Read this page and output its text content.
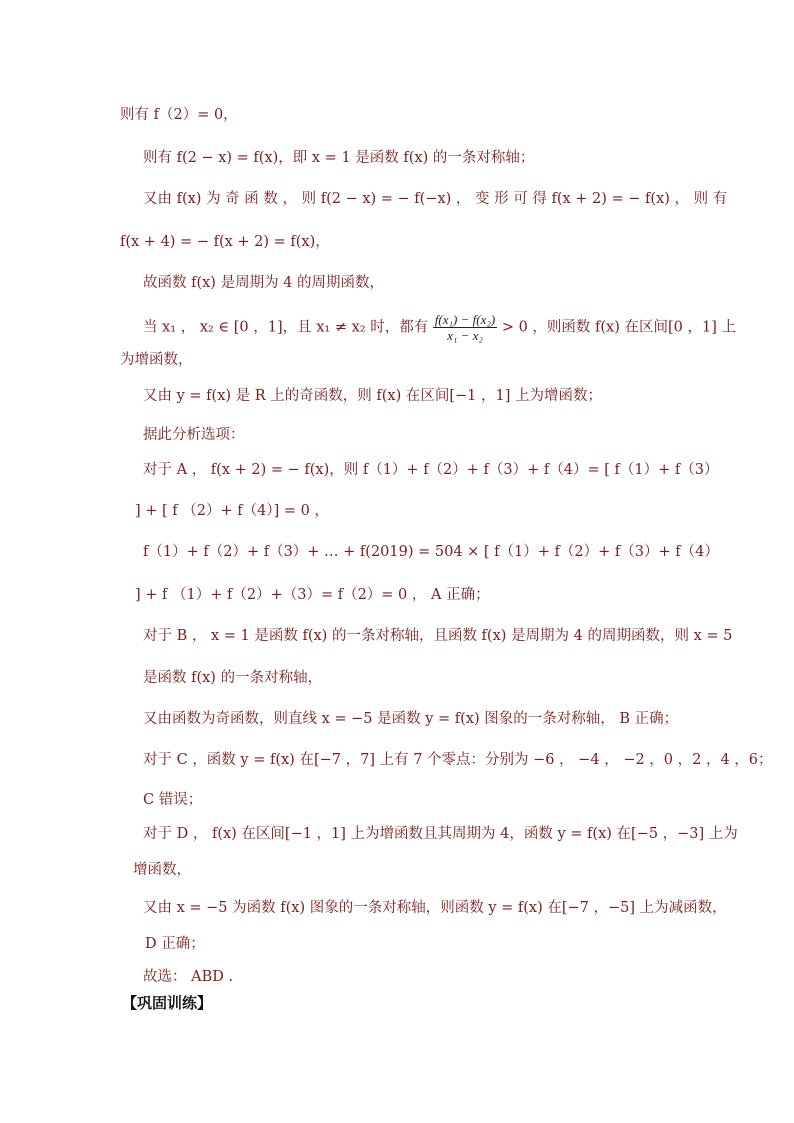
则有 f（2）= 0，
则有 f(2 − x) = f(x)，即 x = 1 是函数 f(x) 的一条对称轴；
又由 f(x) 为 奇 函 数 ， 则 f(2 − x) = − f(−x) ， 变 形 可 得 f(x + 2) = − f(x) ， 则 有
f(x + 4) = − f(x + 2) = f(x)，
故函数 f(x) 是周期为 4 的周期函数，
当 x₁ ， x₂ ∈ [0 ，1]，且 x₁ ≠ x₂ 时，都有 $\frac{\text{f(x₁) − f(x₂)}}{\text{x₁ − x₂}} > 0$ ，则函数 f(x) 在区间[0 ，1] 上
为增函数，
又由 y = f(x) 是 R 上的奇函数，则 f(x) 在区间[−1 ，1] 上为增函数；
据此分析选项：
对于 A ， f(x + 2) = − f(x)，则 f（1）+ f（2）+ f（3）+ f（4）= [ f（1）+ f（3）
] + [ f （2）+ f（4）] = 0 ，
f（1）+ f（2）+ f（3）+ … + f(2019) = 504 × [ f（1）+ f（2）+ f（3）+ f（4）
] + f （1）+ f（2）+（3）= f（2）= 0 ， A 正确；
对于 B ， x = 1 是函数 f(x) 的一条对称轴，且函数 f(x) 是周期为 4 的周期函数，则 x = 5
是函数 f(x) 的一条对称轴，
又由函数为奇函数，则直线 x = −5 是函数 y = f(x) 图象的一条对称轴， B 正确；
对于 C ，函数 y = f(x) 在[−7 ，7] 上有 7 个零点：分别为 −6 ， −4 ， −2 ，0 ，2 ，4 ，6；
C 错误；
对于 D ， f(x) 在区间[−1 ，1] 上为增函数且其周期为 4，函数 y = f(x) 在[−5 ，−3] 上为
增函数，
又由 x = −5 为函数 f(x) 图象的一条对称轴，则函数 y = f(x) 在[−7 ，−5] 上为减函数，
D 正确；
故选： ABD .
【巩固训练】
